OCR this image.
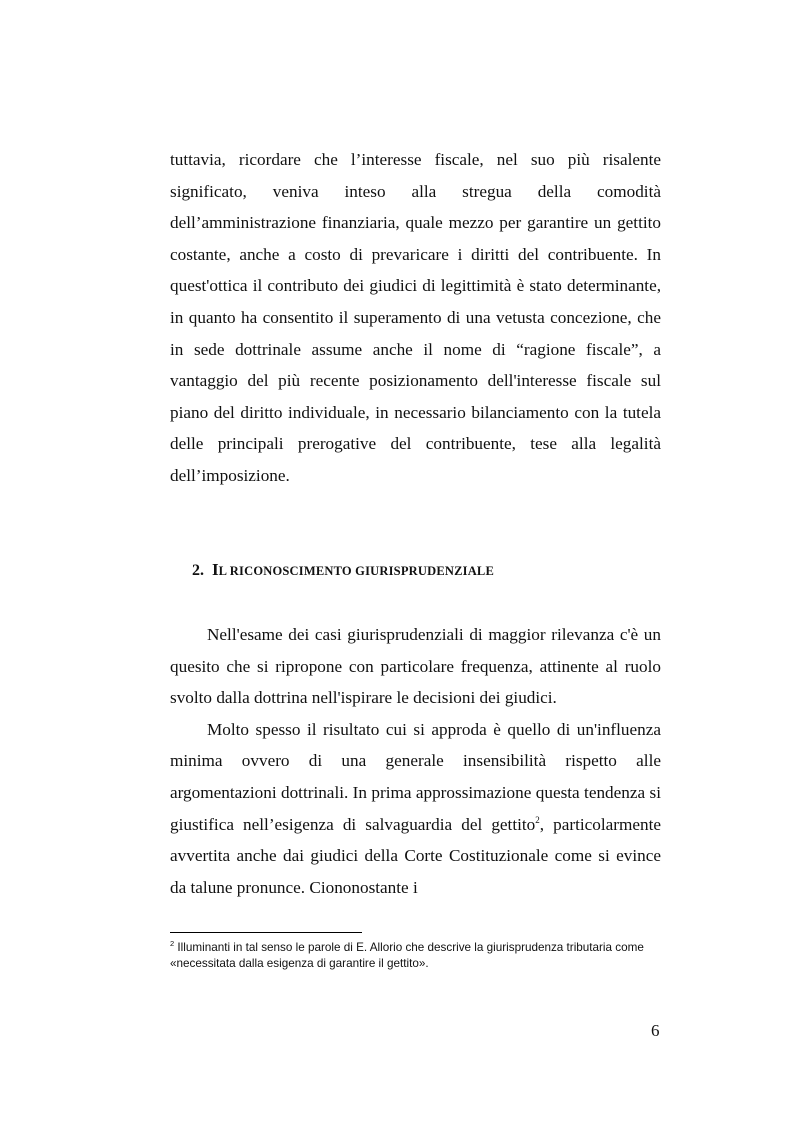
tuttavia, ricordare che l’interesse fiscale, nel suo più risalente significato, veniva inteso alla stregua della comodità dell’amministrazione finanziaria, quale mezzo per garantire un gettito costante, anche a costo di prevaricare i diritti del contribuente. In quest'ottica il contributo dei giudici di legittimità è stato determinante, in quanto ha consentito il superamento di una vetusta concezione, che in sede dottrinale assume anche il nome di “ragione fiscale”, a vantaggio del più recente posizionamento dell'interesse fiscale sul piano del diritto individuale, in necessario bilanciamento con la tutela delle principali prerogative del contribuente, tese alla legalità dell’imposizione.

2. IL RICONOSCIMENTO GIURISPRUDENZIALE

Nell'esame dei casi giurisprudenziali di maggior rilevanza c'è un quesito che si ripropone con particolare frequenza, attinente al ruolo svolto dalla dottrina nell'ispirare le decisioni dei giudici.

Molto spesso il risultato cui si approda è quello di un'influenza minima ovvero di una generale insensibilità rispetto alle argomentazioni dottrinali. In prima approssimazione questa tendenza si giustifica nell’esigenza di salvaguardia del gettito$^2$, particolarmente avvertita anche dai giudici della Corte Costituzionale come si evince da talune pronunce. Ciononostante i

$^2$ Illuminanti in tal senso le parole di E. Allorio che descrive la giurisprudenza tributaria come «necessitata dalla esigenza di garantire il gettito».

6
